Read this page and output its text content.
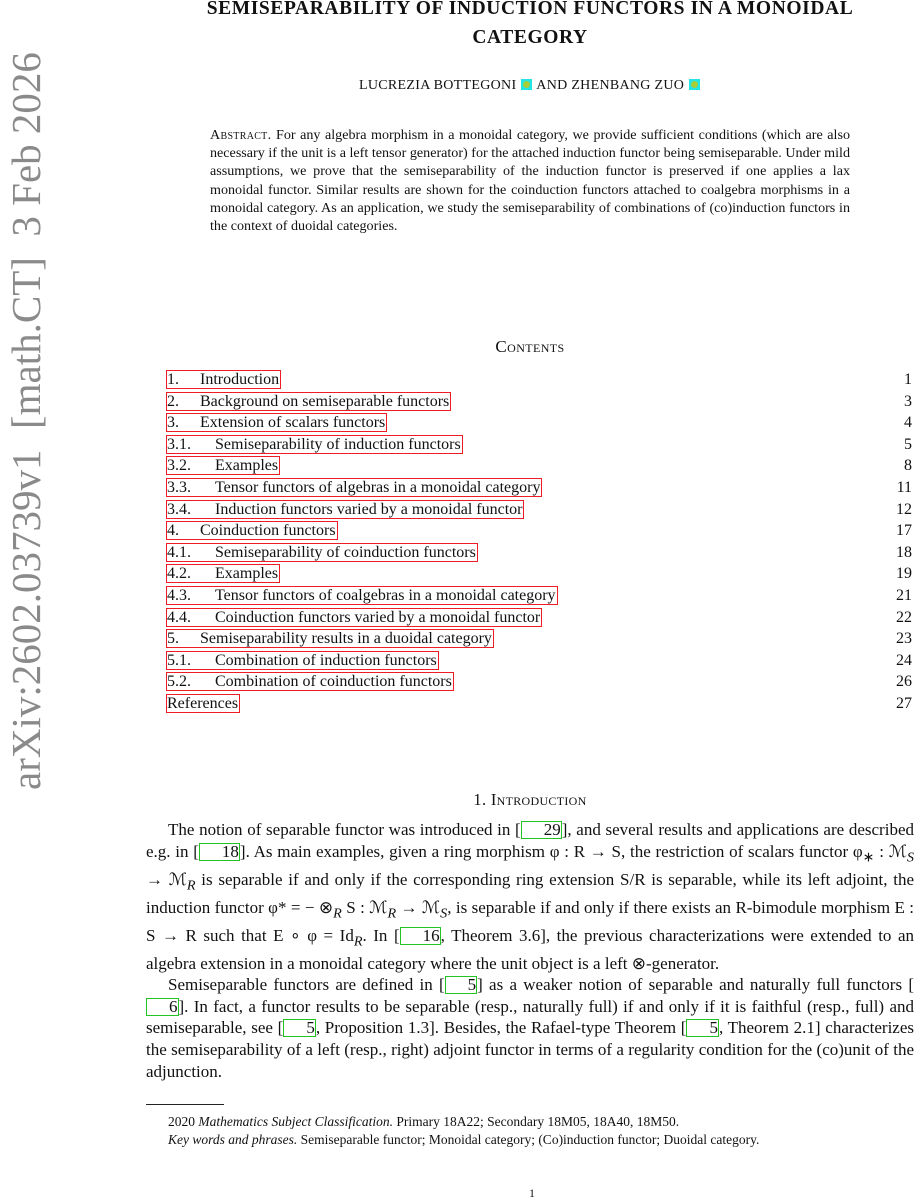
arXiv:2602.03739v1  [math.CT]  3 Feb 2026
SEMISEPARABILITY OF INDUCTION FUNCTORS IN A MONOIDAL
CATEGORY
LUCREZIA BOTTEGONI AND ZHENBANG ZUO
Abstract. For any algebra morphism in a monoidal category, we provide sufficient conditions (which are also necessary if the unit is a left tensor generator) for the attached induction functor being semiseparable. Under mild assumptions, we prove that the semiseparability of the induction functor is preserved if one applies a lax monoidal functor. Similar results are shown for the coinduction functors attached to coalgebra morphisms in a monoidal category. As an application, we study the semiseparability of combinations of (co)induction functors in the context of duoidal categories.
Contents
1. Introduction	1
2. Background on semiseparable functors	3
3. Extension of scalars functors	4
3.1. Semiseparability of induction functors	5
3.2. Examples	8
3.3. Tensor functors of algebras in a monoidal category	11
3.4. Induction functors varied by a monoidal functor	12
4. Coinduction functors	17
4.1. Semiseparability of coinduction functors	18
4.2. Examples	19
4.3. Tensor functors of coalgebras in a monoidal category	21
4.4. Coinduction functors varied by a monoidal functor	22
5. Semiseparability results in a duoidal category	23
5.1. Combination of induction functors	24
5.2. Combination of coinduction functors	26
References	27
1. Introduction

The notion of separable functor was introduced in [ 29], and several results and applications are described e.g. in [ 18]. As main examples, given a ring morphism φ : R → S, the restriction of scalars functor $\varphi_∗$ : ℳ$_S$ → ℳ$_R$ is separable if and only if the corresponding ring extension S/R is separable, while its left adjoint, the induction functor φ* = − $\otimes_R$ S : ℳ$_R$ → ℳ$_S$, is separable if and only if there exists an R-bimodule morphism E : S → R such that E ∘ $\varphi = Id_R$. In [ 16, Theorem 3.6], the previous characterizations were extended to an algebra extension in a monoidal category where the unit object is a left ⊗-generator.

Semiseparable functors are defined in [ 5] as a weaker notion of separable and naturally full functors [6]. In fact, a functor results to be separable (resp., naturally full) if and only if it is faithful (resp., full) and semiseparable, see [ 5, Proposition 1.3]. Besides, the Rafael-type Theorem [ 5, Theorem 2.1] characterizes the semiseparability of a left (resp., right) adjoint functor in terms of a regularity condition for the (co)unit of the adjunction.

2020 Mathematics Subject Classification. Primary 18A22; Secondary 18M05, 18A40, 18M50.
Key words and phrases. Semiseparable functor; Monoidal category; (Co)induction functor; Duoidal category.
1
